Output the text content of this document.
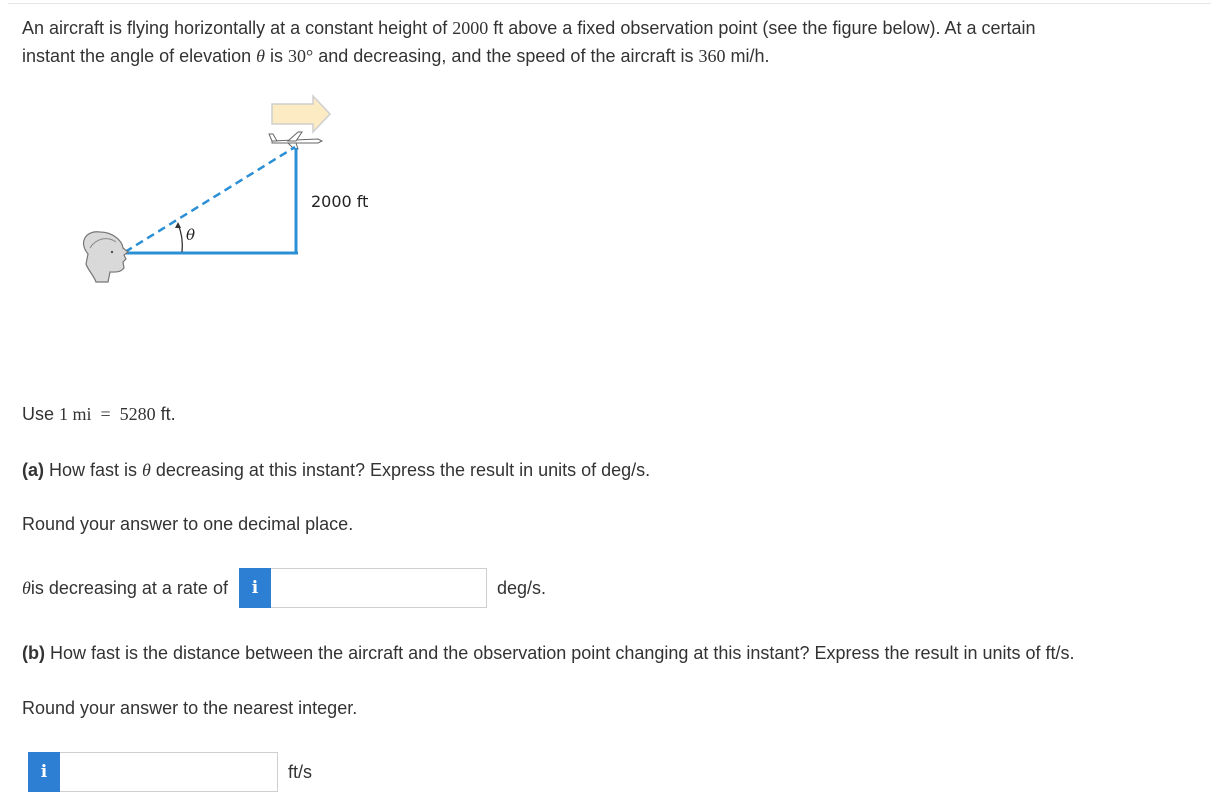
An aircraft is flying horizontally at a constant height of 2000 ft above a fixed observation point (see the figure below). At a certain

instant the angle of elevation θ is 30° and decreasing, and the speed of the aircraft is 360 mi/h.

2000 ft
θ

Use 1 mi  =  5280 ft.

(a) How fast is θ decreasing at this instant? Express the result in units of deg/s.

Round your answer to one decimal place.

θ is decreasing at a rate of	i	deg/s.

(b) How fast is the distance between the aircraft and the observation point changing at this instant? Express the result in units of ft/s.

Round your answer to the nearest integer.

i	ft/s
